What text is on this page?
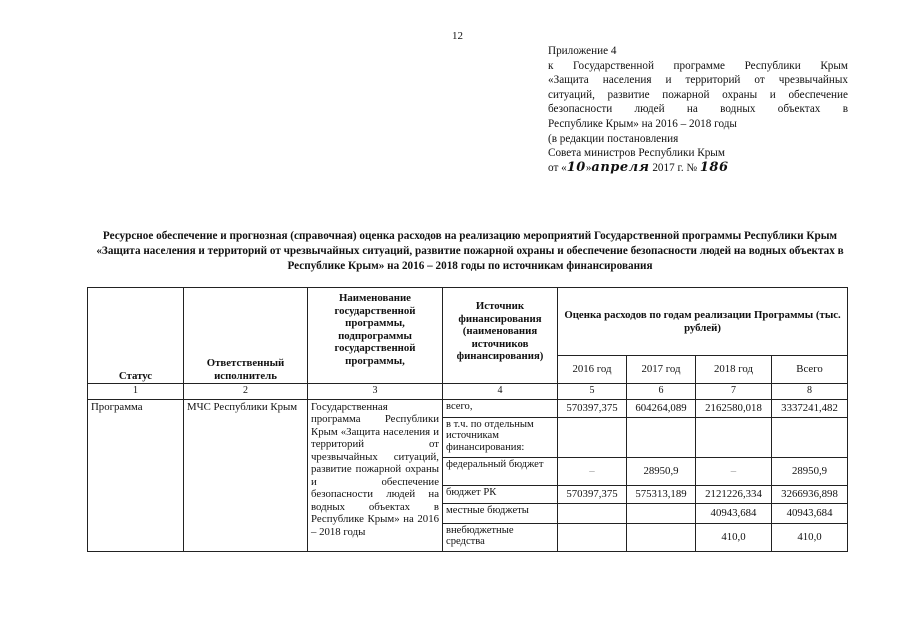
12
Приложение 4
к Государственной программе Республики Крым
«Защита населения и территорий от чрезвычайных
ситуаций, развитие пожарной охраны и обеспечение
безопасности людей на водных объектах в
Республике Крым» на 2016 – 2018 годы
(в редакции постановления
Совета министров Республики Крым
от «10»апреля 2017 г. № 186
Ресурсное обеспечение и прогнозная (справочная) оценка расходов на реализацию мероприятий Государственной программы Республики Крым «Защита населения и территорий от чрезвычайных ситуаций, развитие пожарной охраны и обеспечение безопасности людей на водных объектах в Республике Крым» на 2016 – 2018 годы по источникам финансирования
Статус	Ответственный исполнитель	Наименование государственной программы, подпрограммы государственной программы,	Источник финансирования (наименования источников финансирования)	Оценка расходов по годам реализации Программы (тыс. рублей)			
				2016 год	2017 год	2018 год	Всего
1	2	3	4	5	6	7	8
Программа	МЧС Республики Крым	Государственная программа Республики Крым «Защита населения и территорий от чрезвычайных ситуаций, развитие пожарной охраны и обеспечение безопасности людей на водных объектах в Республике Крым» на 2016 – 2018 годы	всего,	570397,375	604264,089	2162580,018	3337241,482
			в т.ч. по отдельным источникам финансирования:				
			федеральный бюджет	–	28950,9	–	28950,9
			бюджет РК	570397,375	575313,189	2121226,334	3266936,898
			местные бюджеты			40943,684	40943,684
			внебюджетные средства			410,0	410,0
